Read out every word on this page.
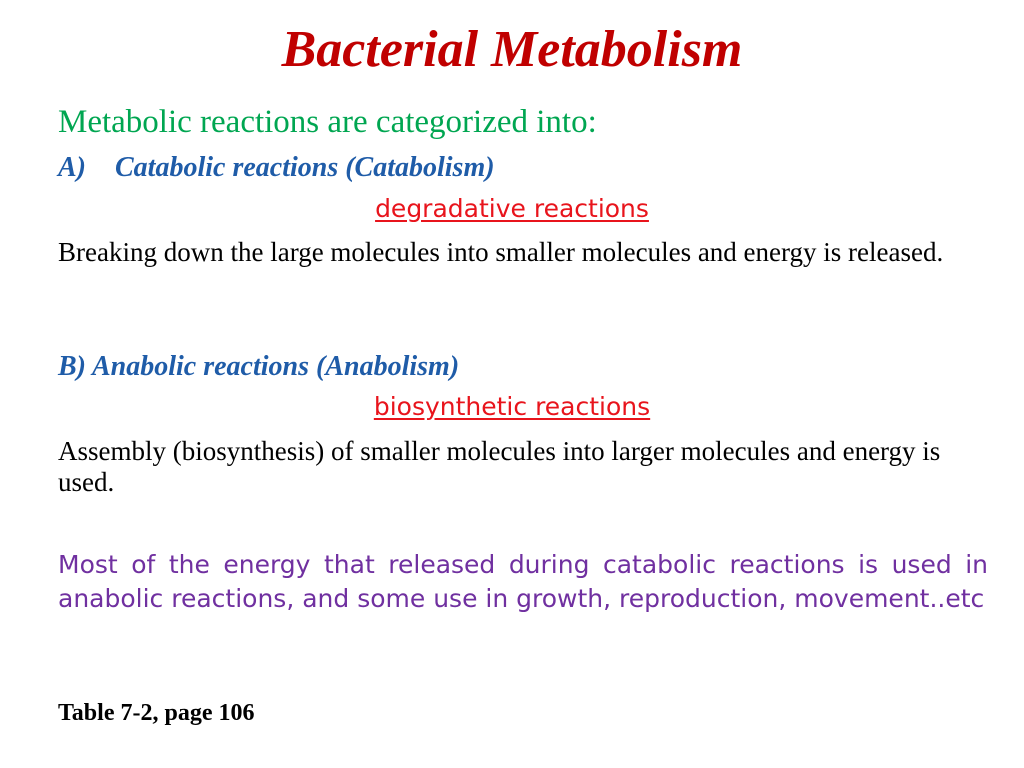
Bacterial Metabolism
Metabolic reactions are categorized into:
A) Catabolic reactions (Catabolism)
degradative reactions
Breaking down the large molecules into smaller molecules and energy is released.
B) Anabolic reactions (Anabolism)
biosynthetic reactions
Assembly (biosynthesis) of smaller molecules into larger molecules and energy is used.
Most of the energy that released during catabolic reactions is used in anabolic reactions, and some use in growth, reproduction, movement..etc
Table 7-2, page 106
